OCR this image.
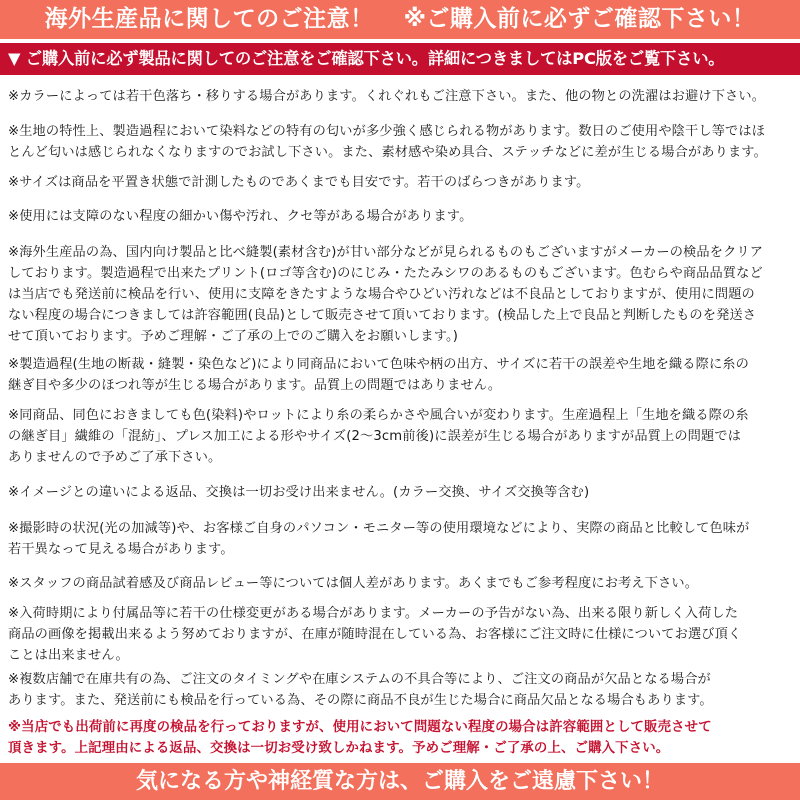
海外生産品に関してのご注意！ ※ご購入前に必ずご確認下さい！
▼ ご購入前に必ず製品に関してのご注意をご確認下さい。詳細につきましてはPC版をご覧下さい。

※カラーによっては若干色落ち・移りする場合があります。くれぐれもご注意下さい。また、他の物との洗濯はお避け下さい。

※生地の特性上、製造過程において染料などの特有の匂いが多少強く感じられる物があります。数日のご使用や陰干し等ではほ
とんど匂いは感じられなくなりますのでお試し下さい。また、素材感や染め具合、ステッチなどに差が生じる場合があります。

※サイズは商品を平置き状態で計測したものであくまでも目安です。若干のばらつきがあります。

※使用には支障のない程度の細かい傷や汚れ、クセ等がある場合があります。

※海外生産品の為、国内向け製品と比べ縫製(素材含む)が甘い部分などが見られるものもございますがメーカーの検品をクリア
しております。製造過程で出来たプリント(ロゴ等含む)のにじみ・たたみシワのあるものもございます。色むらや商品品質など
は当店でも発送前に検品を行い、使用に支障をきたすような場合やひどい汚れなどは不良品としておりますが、使用に問題の
ない程度の場合につきましては許容範囲(良品)として販売させて頂いております。(検品した上で良品と判断したものを発送さ
せて頂いております。予めご理解・ご了承の上でのご購入をお願いします。)

※製造過程(生地の断裁・縫製・染色など)により同商品において色味や柄の出方、サイズに若干の誤差や生地を織る際に糸の
継ぎ目や多少のほつれ等が生じる場合があります。品質上の問題ではありません。

※同商品、同色におきましても色(染料)やロットにより糸の柔らかさや風合いが変わります。生産過程上「生地を織る際の糸
の継ぎ目」繊維の「混紡」、プレス加工による形やサイズ(2〜3cm前後)に誤差が生じる場合がありますが品質上の問題では
ありませんので予めご了承下さい。

※イメージとの違いによる返品、交換は一切お受け出来ません。(カラー交換、サイズ交換等含む)

※撮影時の状況(光の加減等)や、お客様ご自身のパソコン・モニター等の使用環境などにより、実際の商品と比較して色味が
若干異なって見える場合があります。

※スタッフの商品試着感及び商品レビュー等については個人差があります。あくまでもご参考程度にお考え下さい。

※入荷時期により付属品等に若干の仕様変更がある場合があります。メーカーの予告がない為、出来る限り新しく入荷した
商品の画像を掲載出来るよう努めておりますが、在庫が随時混在している為、お客様にご注文時に仕様についてお選び頂く
ことは出来ません。

※複数店舗で在庫共有の為、ご注文のタイミングや在庫システムの不具合等により、ご注文の商品が欠品となる場合が
あります。また、発送前にも検品を行っている為、その際に商品不良が生じた場合に商品欠品となる場合もあります。

※当店でも出荷前に再度の検品を行っておりますが、使用において問題ない程度の場合は許容範囲として販売させて
頂きます。上記理由による返品、交換は一切お受け致しかねます。予めご理解・ご了承の上、ご購入下さい。

気になる方や神経質な方は、ご購入をご遠慮下さい！
